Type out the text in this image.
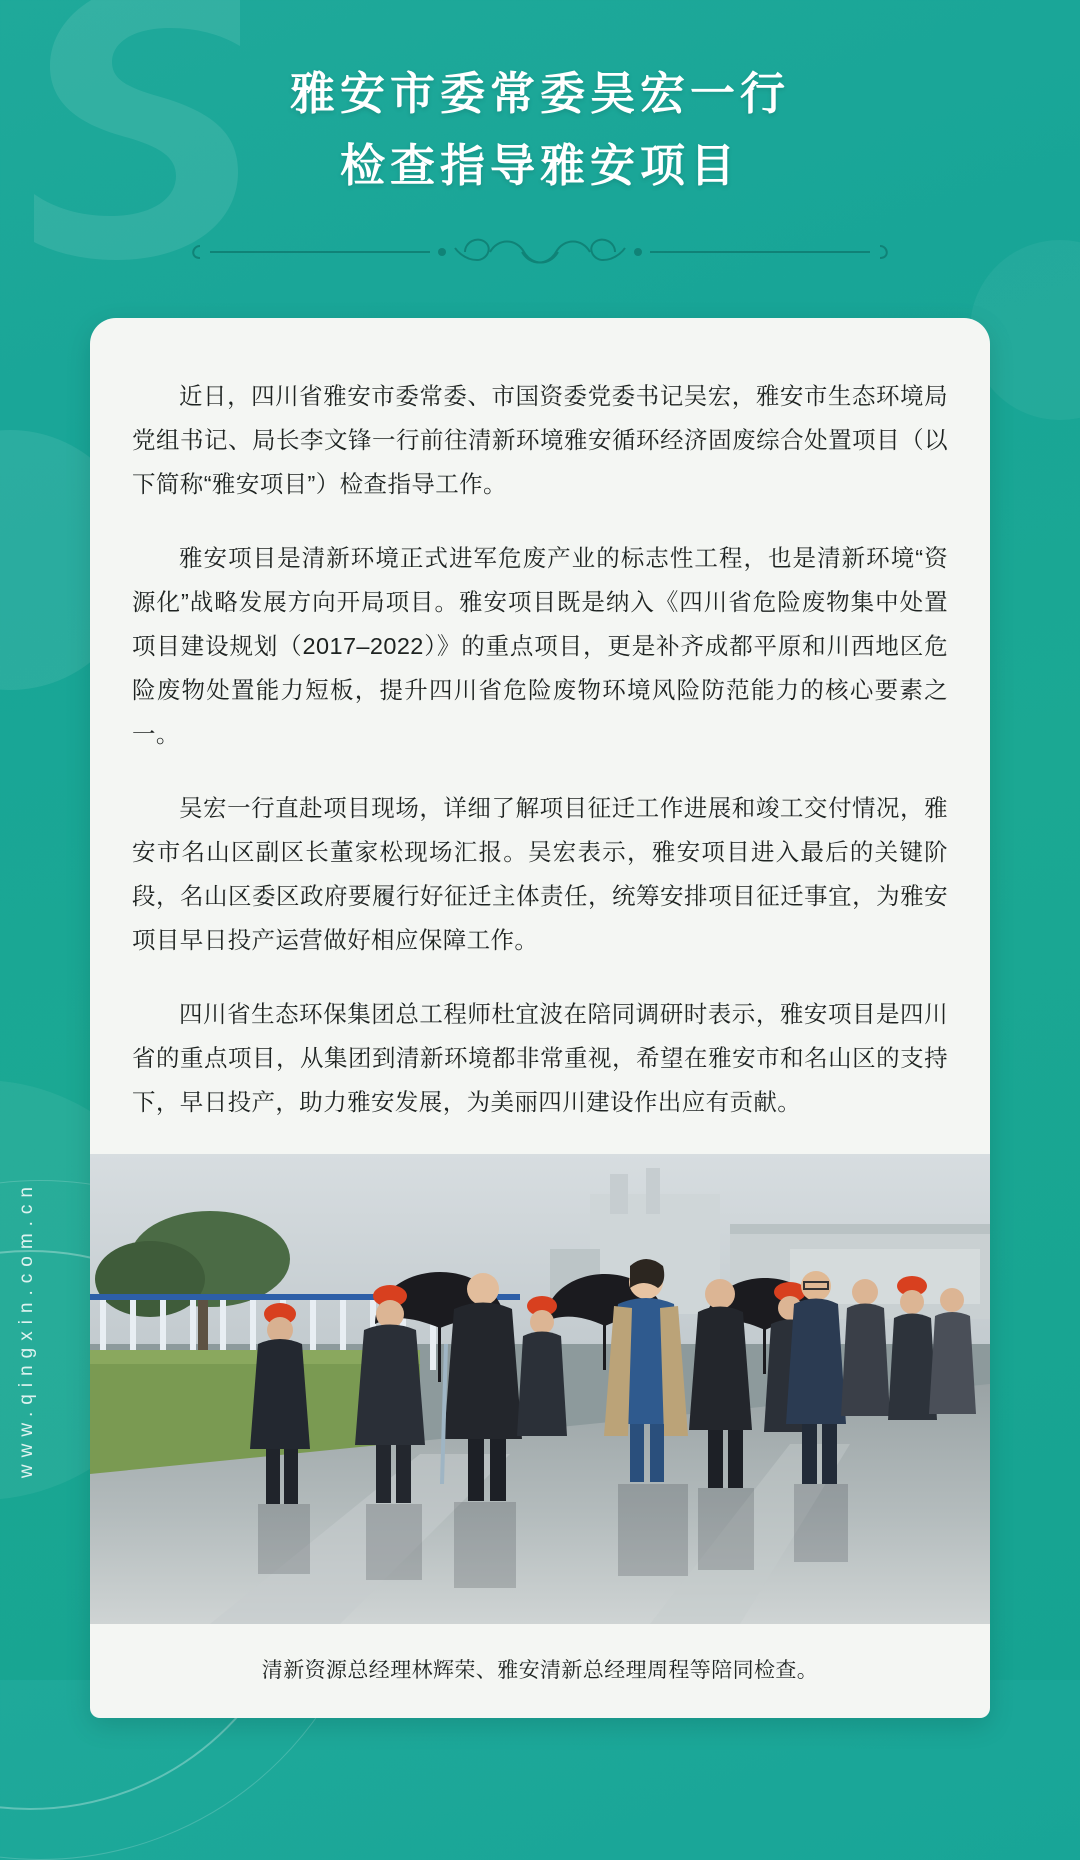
雅安市委常委吴宏一行
检查指导雅安项目

近日，四川省雅安市委常委、市国资委党委书记吴宏，雅安市生态环境局党组书记、局长李文锋一行前往清新环境雅安循环经济固废综合处置项目（以下简称“雅安项目”）检查指导工作。

雅安项目是清新环境正式进军危废产业的标志性工程，也是清新环境“资源化”战略发展方向开局项目。雅安项目既是纳入《四川省危险废物集中处置项目建设规划（2017–2022）》的重点项目，更是补齐成都平原和川西地区危险废物处置能力短板，提升四川省危险废物环境风险防范能力的核心要素之一。

吴宏一行直赴项目现场，详细了解项目征迁工作进展和竣工交付情况，雅安市名山区副区长董家松现场汇报。吴宏表示，雅安项目进入最后的关键阶段，名山区委区政府要履行好征迁主体责任，统筹安排项目征迁事宜，为雅安项目早日投产运营做好相应保障工作。

四川省生态环保集团总工程师杜宜波在陪同调研时表示，雅安项目是四川省的重点项目，从集团到清新环境都非常重视，希望在雅安市和名山区的支持下，早日投产，助力雅安发展，为美丽四川建设作出应有贡献。

清新资源总经理林辉荣、雅安清新总经理周程等陪同检查。
www.qingxin.com.cn
